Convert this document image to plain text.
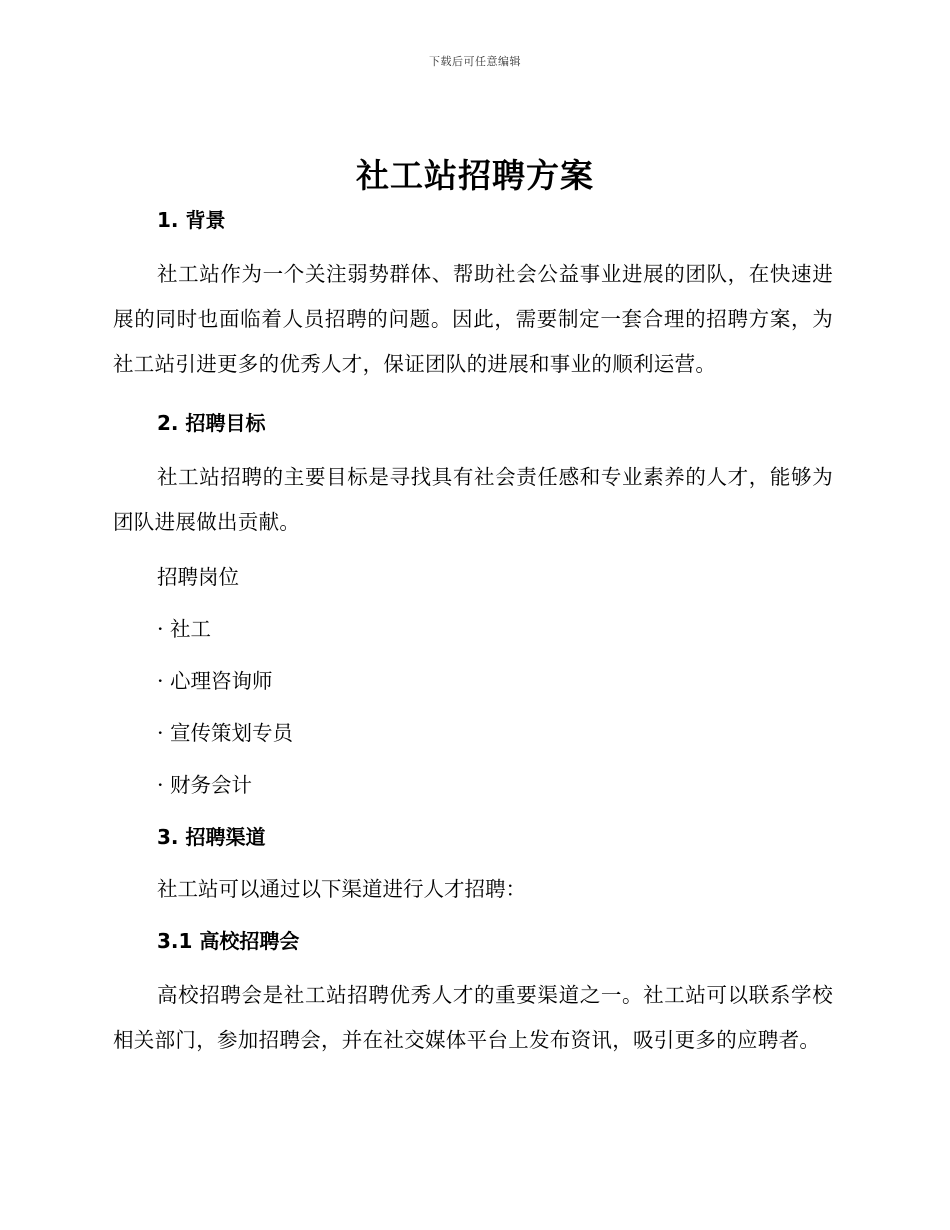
下载后可任意编辑
社工站招聘方案
1. 背景
社工站作为一个关注弱势群体、帮助社会公益事业进展的团队，在快速进展的同时也面临着人员招聘的问题。因此，需要制定一套合理的招聘方案，为社工站引进更多的优秀人才，保证团队的进展和事业的顺利运营。
2. 招聘目标
社工站招聘的主要目标是寻找具有社会责任感和专业素养的人才，能够为团队进展做出贡献。
招聘岗位
· 社工
· 心理咨询师
· 宣传策划专员
· 财务会计
3. 招聘渠道
社工站可以通过以下渠道进行人才招聘：
3.1 高校招聘会
高校招聘会是社工站招聘优秀人才的重要渠道之一。社工站可以联系学校相关部门，参加招聘会，并在社交媒体平台上发布资讯，吸引更多的应聘者。
